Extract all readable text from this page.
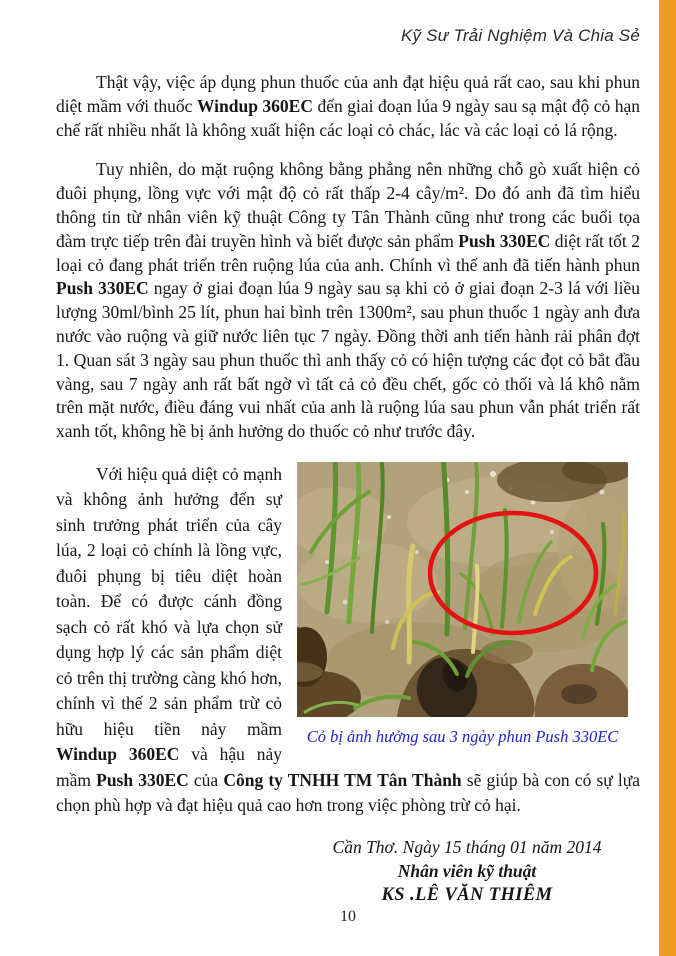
Kỹ Sư Trải Nghiệm Và Chia Sẻ

Thật vậy, việc áp dụng phun thuốc của anh đạt hiệu quả rất cao, sau khi phun diệt mầm với thuốc Windup 360EC đến giai đoạn lúa 9 ngày sau sạ mật độ cỏ hạn chế rất nhiều nhất là không xuất hiện các loại cỏ chác, lác và các loại cỏ lá rộng.

Tuy nhiên, do mặt ruộng không bằng phẳng nên những chỗ gò xuất hiện cỏ đuôi phụng, lồng vực với mật độ cỏ rất thấp 2-4 cây/m². Do đó anh đã tìm hiểu thông tin từ nhân viên kỹ thuật Công ty Tân Thành cũng như trong các buổi tọa đàm trực tiếp trên đài truyền hình và biết được sản phẩm Push 330EC diệt rất tốt 2 loại cỏ đang phát triển trên ruộng lúa của anh. Chính vì thế anh đã tiến hành phun Push 330EC ngay ở giai đoạn lúa 9 ngày sau sạ khi cỏ ở giai đoạn 2-3 lá với liều lượng 30ml/bình 25 lít, phun hai bình trên 1300m², sau phun thuốc 1 ngày anh đưa nước vào ruộng và giữ nước liên tục 7 ngày. Đồng thời anh tiến hành rải phân đợt 1. Quan sát 3 ngày sau phun thuốc thì anh thấy cỏ có hiện tượng các đọt cỏ bắt đầu vàng, sau 7 ngày anh rất bất ngờ vì tất cả cỏ đều chết, gốc cỏ thối và lá khô nằm trên mặt nước, điều đáng vui nhất của anh là ruộng lúa sau phun vẫn phát triển rất xanh tốt, không hề bị ảnh hưởng do thuốc cỏ như trước đây.

Cỏ bị ảnh hưởng sau 3 ngày phun Push 330EC

Với hiệu quả diệt cỏ mạnh và không ảnh hưởng đến sự sinh trưởng phát triển của cây lúa, 2 loại cỏ chính là lồng vực, đuôi phụng bị tiêu diệt hoàn toàn. Để có được cánh đồng sạch cỏ rất khó và lựa chọn sử dụng hợp lý các sản phẩm diệt cỏ trên thị trường càng khó hơn, chính vì thế 2 sản phẩm trừ cỏ hữu hiệu tiền nảy mầm Windup 360EC và hậu nảy mầm Push 330EC của Công ty TNHH TM Tân Thành sẽ giúp bà con có sự lựa chọn phù hợp và đạt hiệu quả cao hơn trong việc phòng trừ cỏ hại.

Cần Thơ. Ngày 15 tháng 01 năm 2014
Nhân viên kỹ thuật
KS .LÊ VĂN THIÊM
10
